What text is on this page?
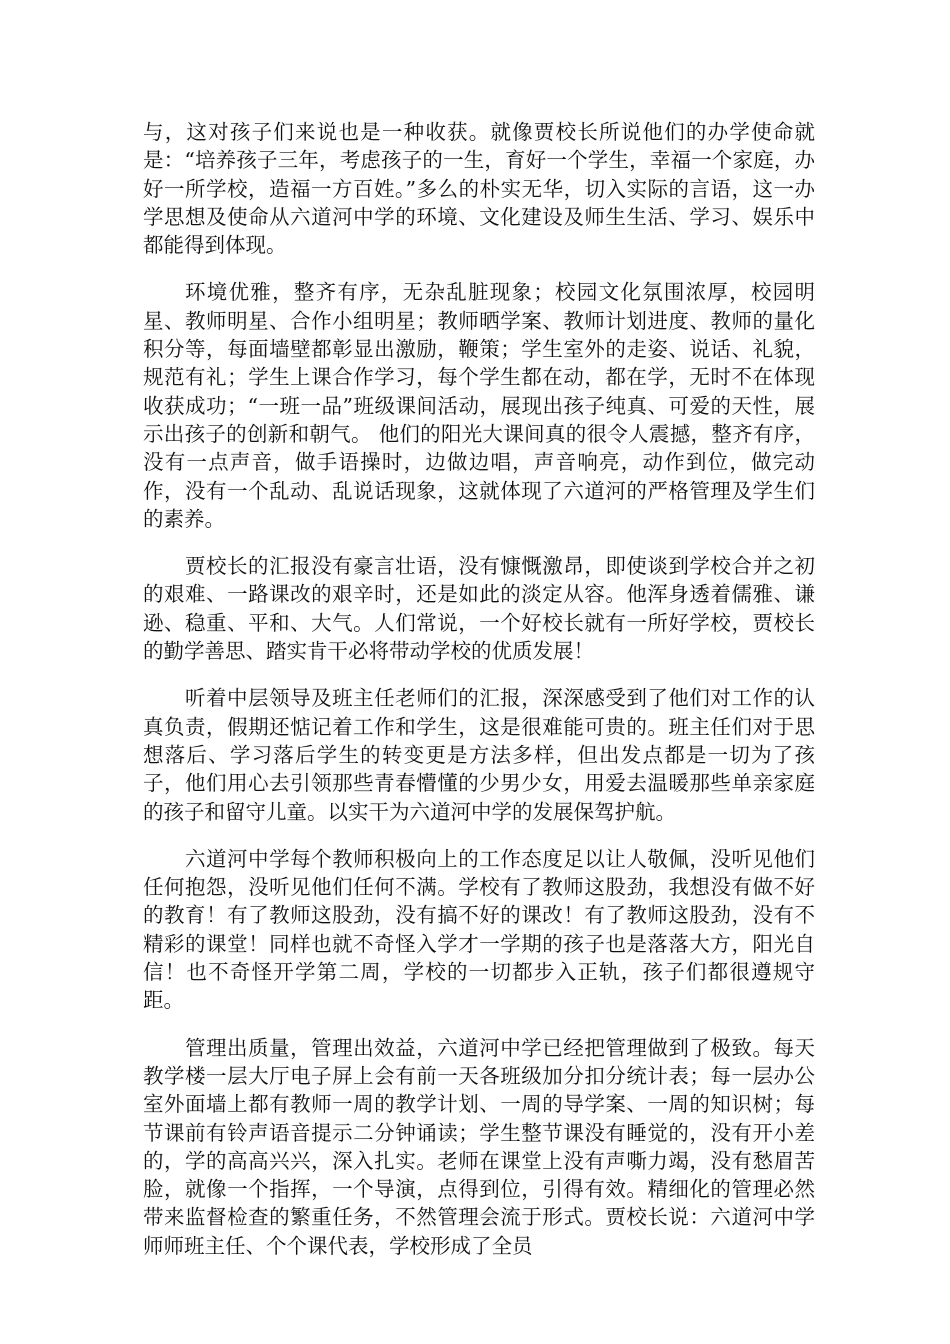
与，这对孩子们来说也是一种收获。就像贾校长所说他们的办学使命就是：“培养孩子三年，考虑孩子的一生，育好一个学生，幸福一个家庭，办好一所学校，造福一方百姓。”多么的朴实无华，切入实际的言语，这一办学思想及使命从六道河中学的环境、文化建设及师生生活、学习、娱乐中都能得到体现。

环境优雅，整齐有序，无杂乱脏现象；校园文化氛围浓厚，校园明星、教师明星、合作小组明星；教师晒学案、教师计划进度、教师的量化积分等，每面墙壁都彰显出激励，鞭策；学生室外的走姿、说话、礼貌，规范有礼；学生上课合作学习，每个学生都在动，都在学，无时不在体现收获成功；“一班一品”班级课间活动，展现出孩子纯真、可爱的天性，展示出孩子的创新和朝气。 他们的阳光大课间真的很令人震撼，整齐有序，没有一点声音，做手语操时，边做边唱，声音响亮，动作到位，做完动作，没有一个乱动、乱说话现象，这就体现了六道河的严格管理及学生们的素养。

贾校长的汇报没有豪言壮语，没有慷慨激昂，即使谈到学校合并之初的艰难、一路课改的艰辛时，还是如此的淡定从容。他浑身透着儒雅、谦逊、稳重、平和、大气。人们常说，一个好校长就有一所好学校，贾校长的勤学善思、踏实肯干必将带动学校的优质发展！

听着中层领导及班主任老师们的汇报，深深感受到了他们对工作的认真负责，假期还惦记着工作和学生，这是很难能可贵的。班主任们对于思想落后、学习落后学生的转变更是方法多样，但出发点都是一切为了孩子，他们用心去引领那些青春懵懂的少男少女，用爱去温暖那些单亲家庭的孩子和留守儿童。以实干为六道河中学的发展保驾护航。

六道河中学每个教师积极向上的工作态度足以让人敬佩，没听见他们任何抱怨，没听见他们任何不满。学校有了教师这股劲，我想没有做不好的教育！有了教师这股劲，没有搞不好的课改！有了教师这股劲，没有不精彩的课堂！同样也就不奇怪入学才一学期的孩子也是落落大方，阳光自信！也不奇怪开学第二周，学校的一切都步入正轨，孩子们都很遵规守距。

管理出质量，管理出效益，六道河中学已经把管理做到了极致。每天教学楼一层大厅电子屏上会有前一天各班级加分扣分统计表；每一层办公室外面墙上都有教师一周的教学计划、一周的导学案、一周的知识树；每节课前有铃声语音提示二分钟诵读；学生整节课没有睡觉的，没有开小差的，学的高高兴兴，深入扎实。老师在课堂上没有声嘶力竭，没有愁眉苦脸，就像一个指挥，一个导演，点得到位，引得有效。精细化的管理必然带来监督检查的繁重任务，不然管理会流于形式。贾校长说：六道河中学师师班主任、个个课代表，学校形成了全员
